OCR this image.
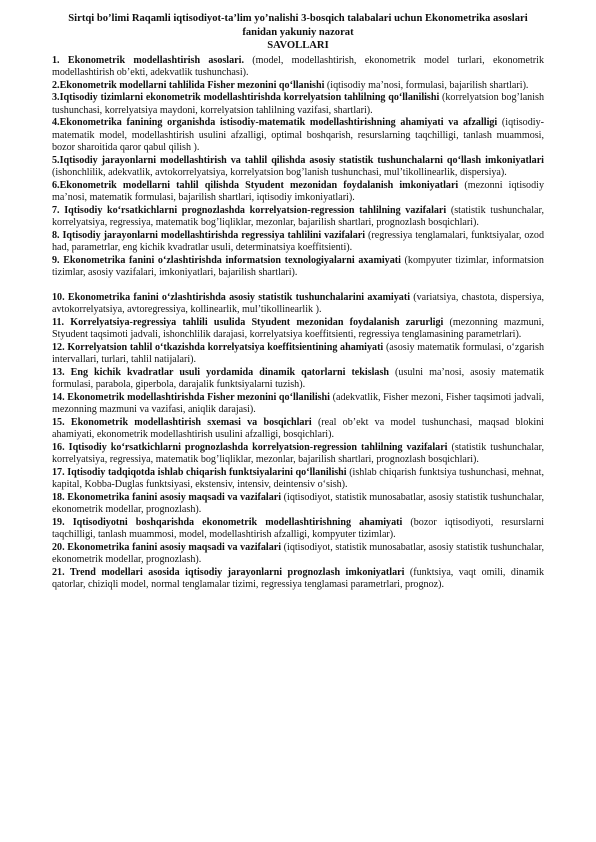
Sirtqi bo’limi Raqamli iqtisodiyot-ta’lim yo’nalishi 3-bosqich talabalari uchun Ekonometrika asoslari fanidan yakuniy nazorat

SAVOLLARI

1. Ekonometrik modellashtirish asoslari. (model, modellashtirish, ekonometrik model turlari, ekonometrik modellashtirish ob’ekti, adekvatlik tushunchasi).

2.Ekonometrik modellarni tahlilida Fisher mezonini qo‘llanishi (iqtisodiy ma’nosi, formulasi, bajarilish shartlari).

3.Iqtisodiy tizimlarni ekonometrik modellashtirishda korrelyatsion tahlilning qo‘llanilishi (korrelyatsion bog’lanish tushunchasi, korrelyatsiya maydoni, korrelyatsion tahlilning vazifasi, shartlari).

4.Ekonometrika fanining organishda istisodiy-matematik modellashtirishning ahamiyati va afzalligi (iqtisodiy-matematik model, modellashtirish usulini afzalligi, optimal boshqarish, resurslarning taqchilligi, tanlash muammosi, bozor sharoitida qaror qabul qilish ).

5.Iqtisodiy jarayonlarni modellashtirish va tahlil qilishda asosiy statistik tushunchalarni qo‘llash imkoniyatlari (ishonchlilik, adekvatlik, avtokorrelyatsiya, korrelyatsion bog’lanish tushunchasi, mul’tikollinearlik, dispersiya).

6.Ekonometrik modellarni tahlil qilishda Styudent mezonidan foydalanish imkoniyatlari (mezonni iqtisodiy ma’nosi, matematik formulasi, bajarilish shartlari, iqtisodiy imkoniyatlari).

7. Iqtisodiy ko‘rsatkichlarni prognozlashda korrelyatsion-regression tahlilning vazifalari (statistik tushunchalar, korrelyatsiya, regressiya, matematik bog’liqliklar, mezonlar, bajarilish shartlari, prognozlash bosqichlari).

8. Iqtisodiy jarayonlarni modellashtirishda regressiya tahlilini vazifalari (regressiya tenglamalari, funktsiyalar, ozod had, parametrlar, eng kichik kvadratlar usuli, determinatsiya koeffitsienti).

9. Ekonometrika fanini o‘zlashtirishda informatsion texnologiyalarni axamiyati (kompyuter tizimlar, informatsion tizimlar, asosiy vazifalari, imkoniyatlari, bajarilish shartlari).

10. Ekonometrika fanini o‘zlashtirishda asosiy statistik tushunchalarini axamiyati (variatsiya, chastota, dispersiya, avtokorrelyatsiya, avtoregressiya, kollinearlik, mul’tikollinearlik ).

11. Korrelyatsiya-regressiya tahlili usulida Styudent mezonidan foydalanish zarurligi (mezonning mazmuni, Styudent taqsimoti jadvali, ishonchlilik darajasi, korrelyatsiya koeffitsienti, regressiya tenglamasining parametrlari).

12. Korrelyatsion tahlil o‘tkazishda korrelyatsiya koeffitsientining ahamiyati (asosiy matematik formulasi, o‘zgarish intervallari, turlari, tahlil natijalari).

13. Eng kichik kvadratlar usuli yordamida dinamik qatorlarni tekislash (usulni ma’nosi, asosiy matematik formulasi, parabola, giperbola, darajalik funktsiyalarni tuzish).

14. Ekonometrik modellashtirishda Fisher mezonini qo‘llanilishi (adekvatlik, Fisher mezoni, Fisher taqsimoti jadvali, mezonning mazmuni va vazifasi, aniqlik darajasi).

15. Ekonometrik modellashtirish sxemasi va bosqichlari (real ob’ekt va model tushunchasi, maqsad blokini ahamiyati, ekonometrik modellashtirish usulini afzalligi, bosqichlari).

16. Iqtisodiy ko‘rsatkichlarni prognozlashda korrelyatsion-regression tahlilning vazifalari (statistik tushunchalar, korrelyatsiya, regressiya, matematik bog’liqliklar, mezonlar, bajarilish shartlari, prognozlash bosqichlari).

17. Iqtisodiy tadqiqotda ishlab chiqarish funktsiyalarini qo‘llanilishi (ishlab chiqarish funktsiya tushunchasi, mehnat, kapital, Kobba-Duglas funktsiyasi, ekstensiv, intensiv, deintensiv o‘sish).

18. Ekonometrika fanini asosiy maqsadi va vazifalari (iqtisodiyot, statistik munosabatlar, asosiy statistik tushunchalar, ekonometrik modellar, prognozlash).

19. Iqtisodiyotni boshqarishda ekonometrik modellashtirishning ahamiyati (bozor iqtisodiyoti, resurslarni taqchilligi, tanlash muammosi, model, modellashtirish afzalligi, kompyuter tizimlar).

20. Ekonometrika fanini asosiy maqsadi va vazifalari (iqtisodiyot, statistik munosabatlar, asosiy statistik tushunchalar, ekonometrik modellar, prognozlash).

21. Trend modellari asosida iqtisodiy jarayonlarni prognozlash imkoniyatlari (funktsiya, vaqt omili, dinamik qatorlar, chiziqli model, normal tenglamalar tizimi, regressiya tenglamasi parametrlari, prognoz).
